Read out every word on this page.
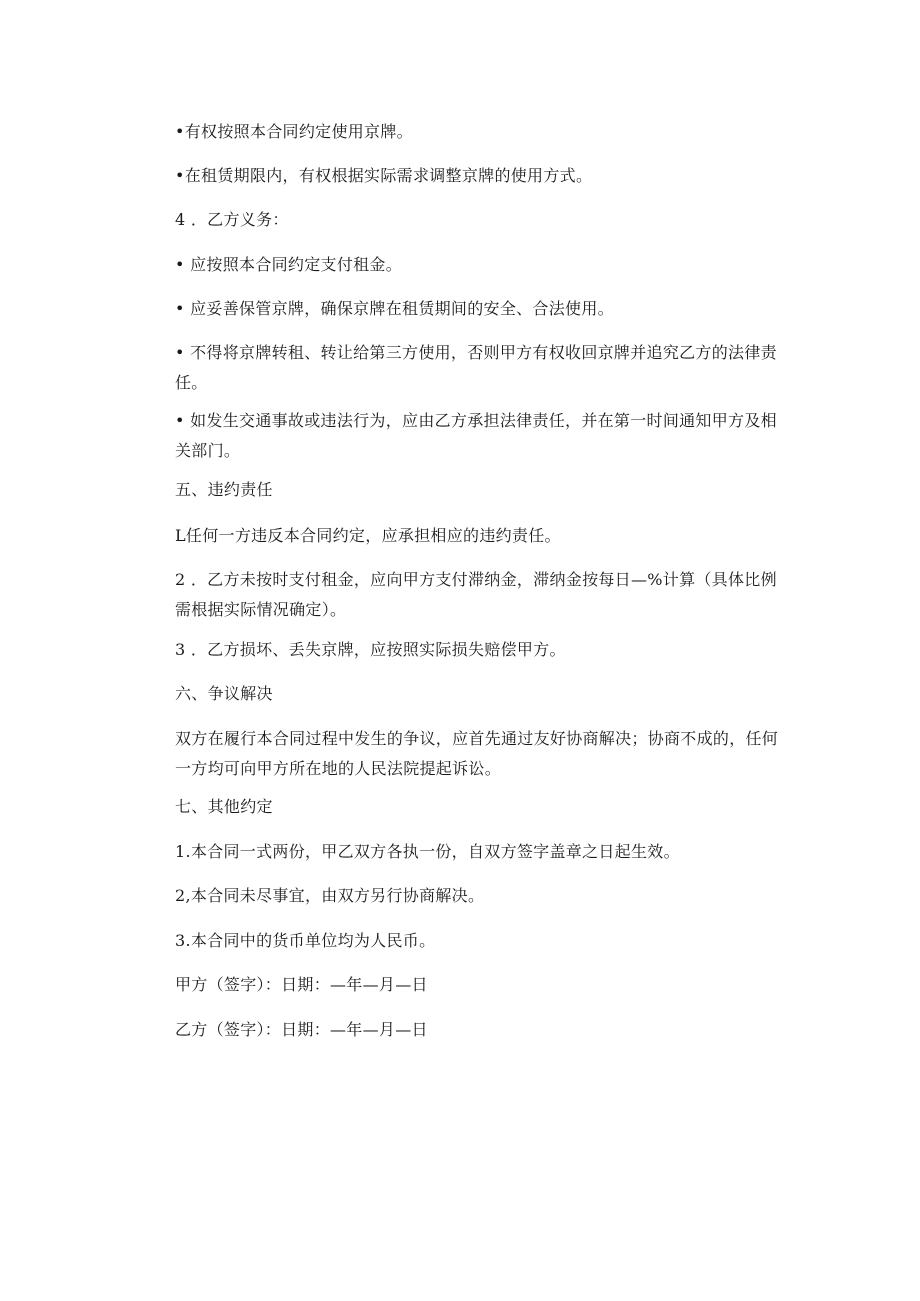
•有权按照本合同约定使用京牌。
•在租赁期限内，有权根据实际需求调整京牌的使用方式。
4 ．乙方义务：
• 应按照本合同约定支付租金。
• 应妥善保管京牌，确保京牌在租赁期间的安全、合法使用。
• 不得将京牌转租、转让给第三方使用，否则甲方有权收回京牌并追究乙方的法律责任。
• 如发生交通事故或违法行为，应由乙方承担法律责任，并在第一时间通知甲方及相关部门。
五、违约责任
L任何一方违反本合同约定，应承担相应的违约责任。
2 ．乙方未按时支付租金，应向甲方支付滞纳金，滞纳金按每日—%计算（具体比例需根据实际情况确定）。
3 ．乙方损坏、丢失京牌，应按照实际损失赔偿甲方。
六、争议解决
双方在履行本合同过程中发生的争议，应首先通过友好协商解决；协商不成的，任何一方均可向甲方所在地的人民法院提起诉讼。
七、其他约定
1.本合同一式两份，甲乙双方各执一份，自双方签字盖章之日起生效。
2,本合同未尽事宜，由双方另行协商解决。
3.本合同中的货币单位均为人民币。
甲方（签字）：日期：—年—月—日
乙方（签字）：日期：—年—月—日
